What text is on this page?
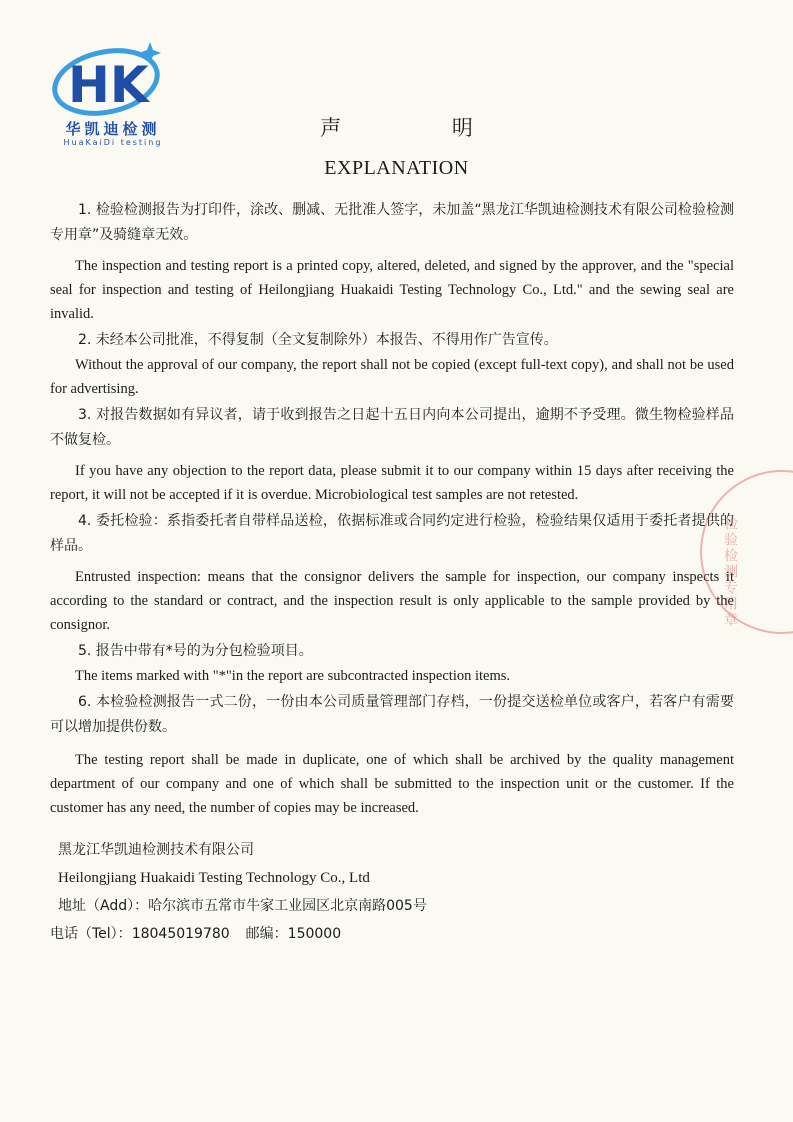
HK
华凯迪检测
HuaKaiDi testing
声 明
EXPLANATION

1. 检验检测报告为打印件，涂改、删减、无批准人签字，未加盖“黑龙江华凯迪检测技术有限公司检验检测专用章”及骑缝章无效。

The inspection and testing report is a printed copy, altered, deleted, and signed by the approver, and the "special seal for inspection and testing of Heilongjiang Huakaidi Testing Technology Co., Ltd." and the sewing seal are invalid.

2. 未经本公司批准，不得复制（全文复制除外）本报告、不得用作广告宣传。

Without the approval of our company, the report shall not be copied (except full-text copy), and shall not be used for advertising.

3. 对报告数据如有异议者，请于收到报告之日起十五日内向本公司提出，逾期不予受理。微生物检验样品不做复检。

If you have any objection to the report data, please submit it to our company within 15 days after receiving the report, it will not be accepted if it is overdue. Microbiological test samples are not retested.

4. 委托检验：系指委托者自带样品送检，依据标准或合同约定进行检验，检验结果仅适用于委托者提供的样品。

Entrusted inspection: means that the consignor delivers the sample for inspection, our company inspects it according to the standard or contract, and the inspection result is only applicable to the sample provided by the consignor.

5. 报告中带有*号的为分包检验项目。

The items marked with "*"in the report are subcontracted inspection items.

6. 本检验检测报告一式二份，一份由本公司质量管理部门存档，一份提交送检单位或客户，若客户有需要可以增加提供份数。

The testing report shall be made in duplicate, one of which shall be archived by the quality management department of our company and one of which shall be submitted to the inspection unit or the customer. If the customer has any need, the number of copies may be increased.

黑龙江华凯迪检测技术有限公司

Heilongjiang Huakaidi Testing Technology Co., Ltd

地址（Add）：哈尔滨市五常市牛家工业园区北京南路005号

电话（Tel）：18045019780 邮编：150000

检验检测专用章
